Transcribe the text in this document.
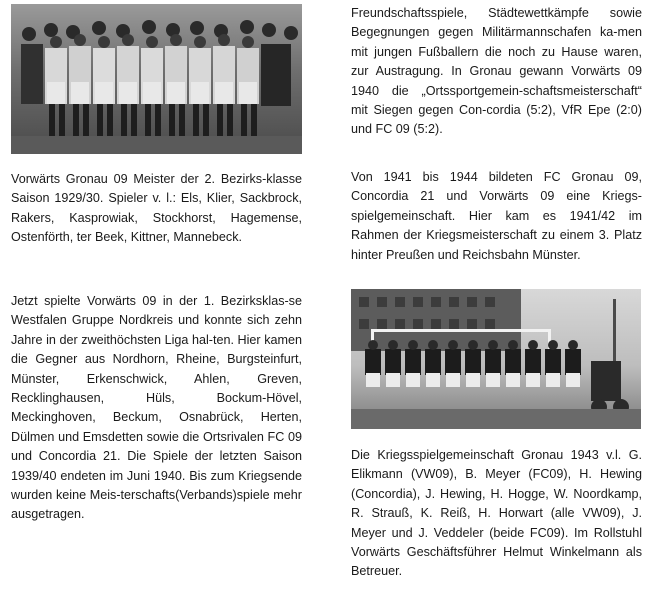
Vorwärts Gronau 09 Meister der 2. Bezirks-klasse Saison 1929/30. Spieler v. l.: Els, Klier, Sackbrock, Rakers, Kasprowiak, Stockhorst, Hagemense, Ostenförth, ter Beek, Kittner, Mannebeck.

Jetzt spielte Vorwärts 09 in der 1. Bezirksklas-se Westfalen Gruppe Nordkreis und konnte sich zehn Jahre in der zweithöchsten Liga hal-ten. Hier kamen die Gegner aus Nordhorn, Rheine, Burgsteinfurt, Münster, Erkenschwick, Ahlen, Greven, Recklinghausen, Hüls, Bockum-Hövel, Meckinghoven, Beckum, Osnabrück, Herten, Dülmen und Emsdetten sowie die Ortsrivalen FC 09 und Concordia 21. Die Spiele der letzten Saison 1939/40 endeten im Juni 1940. Bis zum Kriegsende wurden keine Meis-terschafts(Verbands)spiele mehr ausgetragen.

Freundschaftsspiele, Städtewettkämpfe sowie Begegnungen gegen Militärmannschafen ka-men mit jungen Fußballern die noch zu Hause waren, zur Austragung. In Gronau gewann Vorwärts 09 1940 die „Ortssportgemein-schaftsmeisterschaft“ mit Siegen gegen Con-cordia (5:2), VfR Epe (2:0) und FC 09 (5:2).

Von 1941 bis 1944 bildeten FC Gronau 09, Concordia 21 und Vorwärts 09 eine Kriegs-spielgemeinschaft. Hier kam es 1941/42 im Rahmen der Kriegsmeisterschaft zu einem 3. Platz hinter Preußen und Reichsbahn Münster.

Die Kriegsspielgemeinschaft Gronau 1943 v.l. G. Elikmann (VW09), B. Meyer (FC09), H. Hewing (Concordia), J. Hewing, H. Hogge, W. Noordkamp, R. Strauß, K. Reiß, H. Horwart (alle VW09), J. Meyer und J. Veddeler (beide FC09). Im Rollstuhl Vorwärts Geschäftsführer Helmut Winkelmann als Betreuer.
